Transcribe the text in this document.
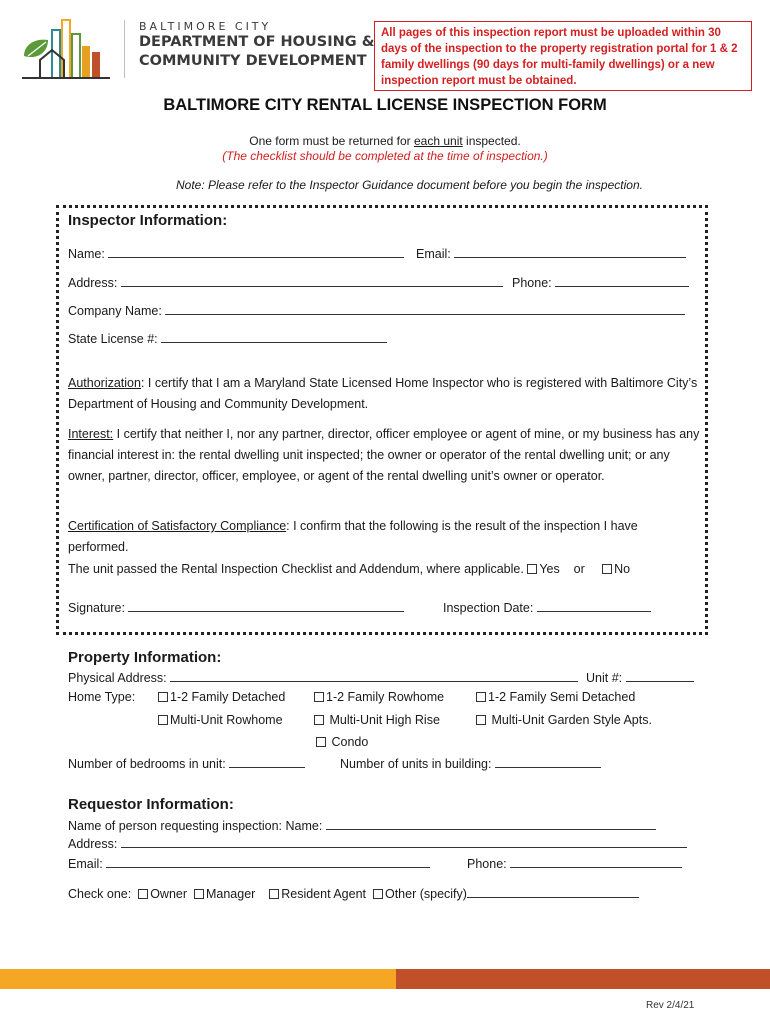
BALTIMORE CITY
DEPARTMENT OF HOUSING &
COMMUNITY DEVELOPMENT
All pages of this inspection report must be uploaded within 30 days of the inspection to the property registration portal for 1 & 2 family dwellings (90 days for multi-family dwellings) or a new inspection report must be obtained.
BALTIMORE CITY RENTAL LICENSE INSPECTION FORM
One form must be returned for each unit inspected.
(The checklist should be completed at the time of inspection.)
Note: Please refer to the Inspector Guidance document before you begin the inspection.
Inspector Information:
Name:	Email:
Address:	Phone:
Company Name:
State License #:
Authorization: I certify that I am a Maryland State Licensed Home Inspector who is registered with Baltimore City’s Department of Housing and Community Development.
Interest: I certify that neither I, nor any partner, director, officer employee or agent of mine, or my business has any financial interest in: the rental dwelling unit inspected; the owner or operator of the rental dwelling unit; or any owner, partner, director, officer, employee, or agent of the rental dwelling unit’s owner or operator.
Certification of Satisfactory Compliance: I confirm that the following is the result of the inspection I have performed.
The unit passed the Rental Inspection Checklist and Addendum, where applicable. Yes or No
Signature:	Inspection Date:
Property Information:
Physical Address:	Unit #:
Home Type:	1-2 Family Detached	1-2 Family Rowhome	1-2 Family Semi Detached
Multi-Unit Rowhome	Multi-Unit High Rise	Multi-Unit Garden Style Apts.
Condo
Number of bedrooms in unit:	Number of units in building:
Requestor Information:
Name of person requesting inspection: Name:
Address:
Email:	Phone:
Check one: Owner Manager Resident Agent Other (specify)
Rev 2/4/21
